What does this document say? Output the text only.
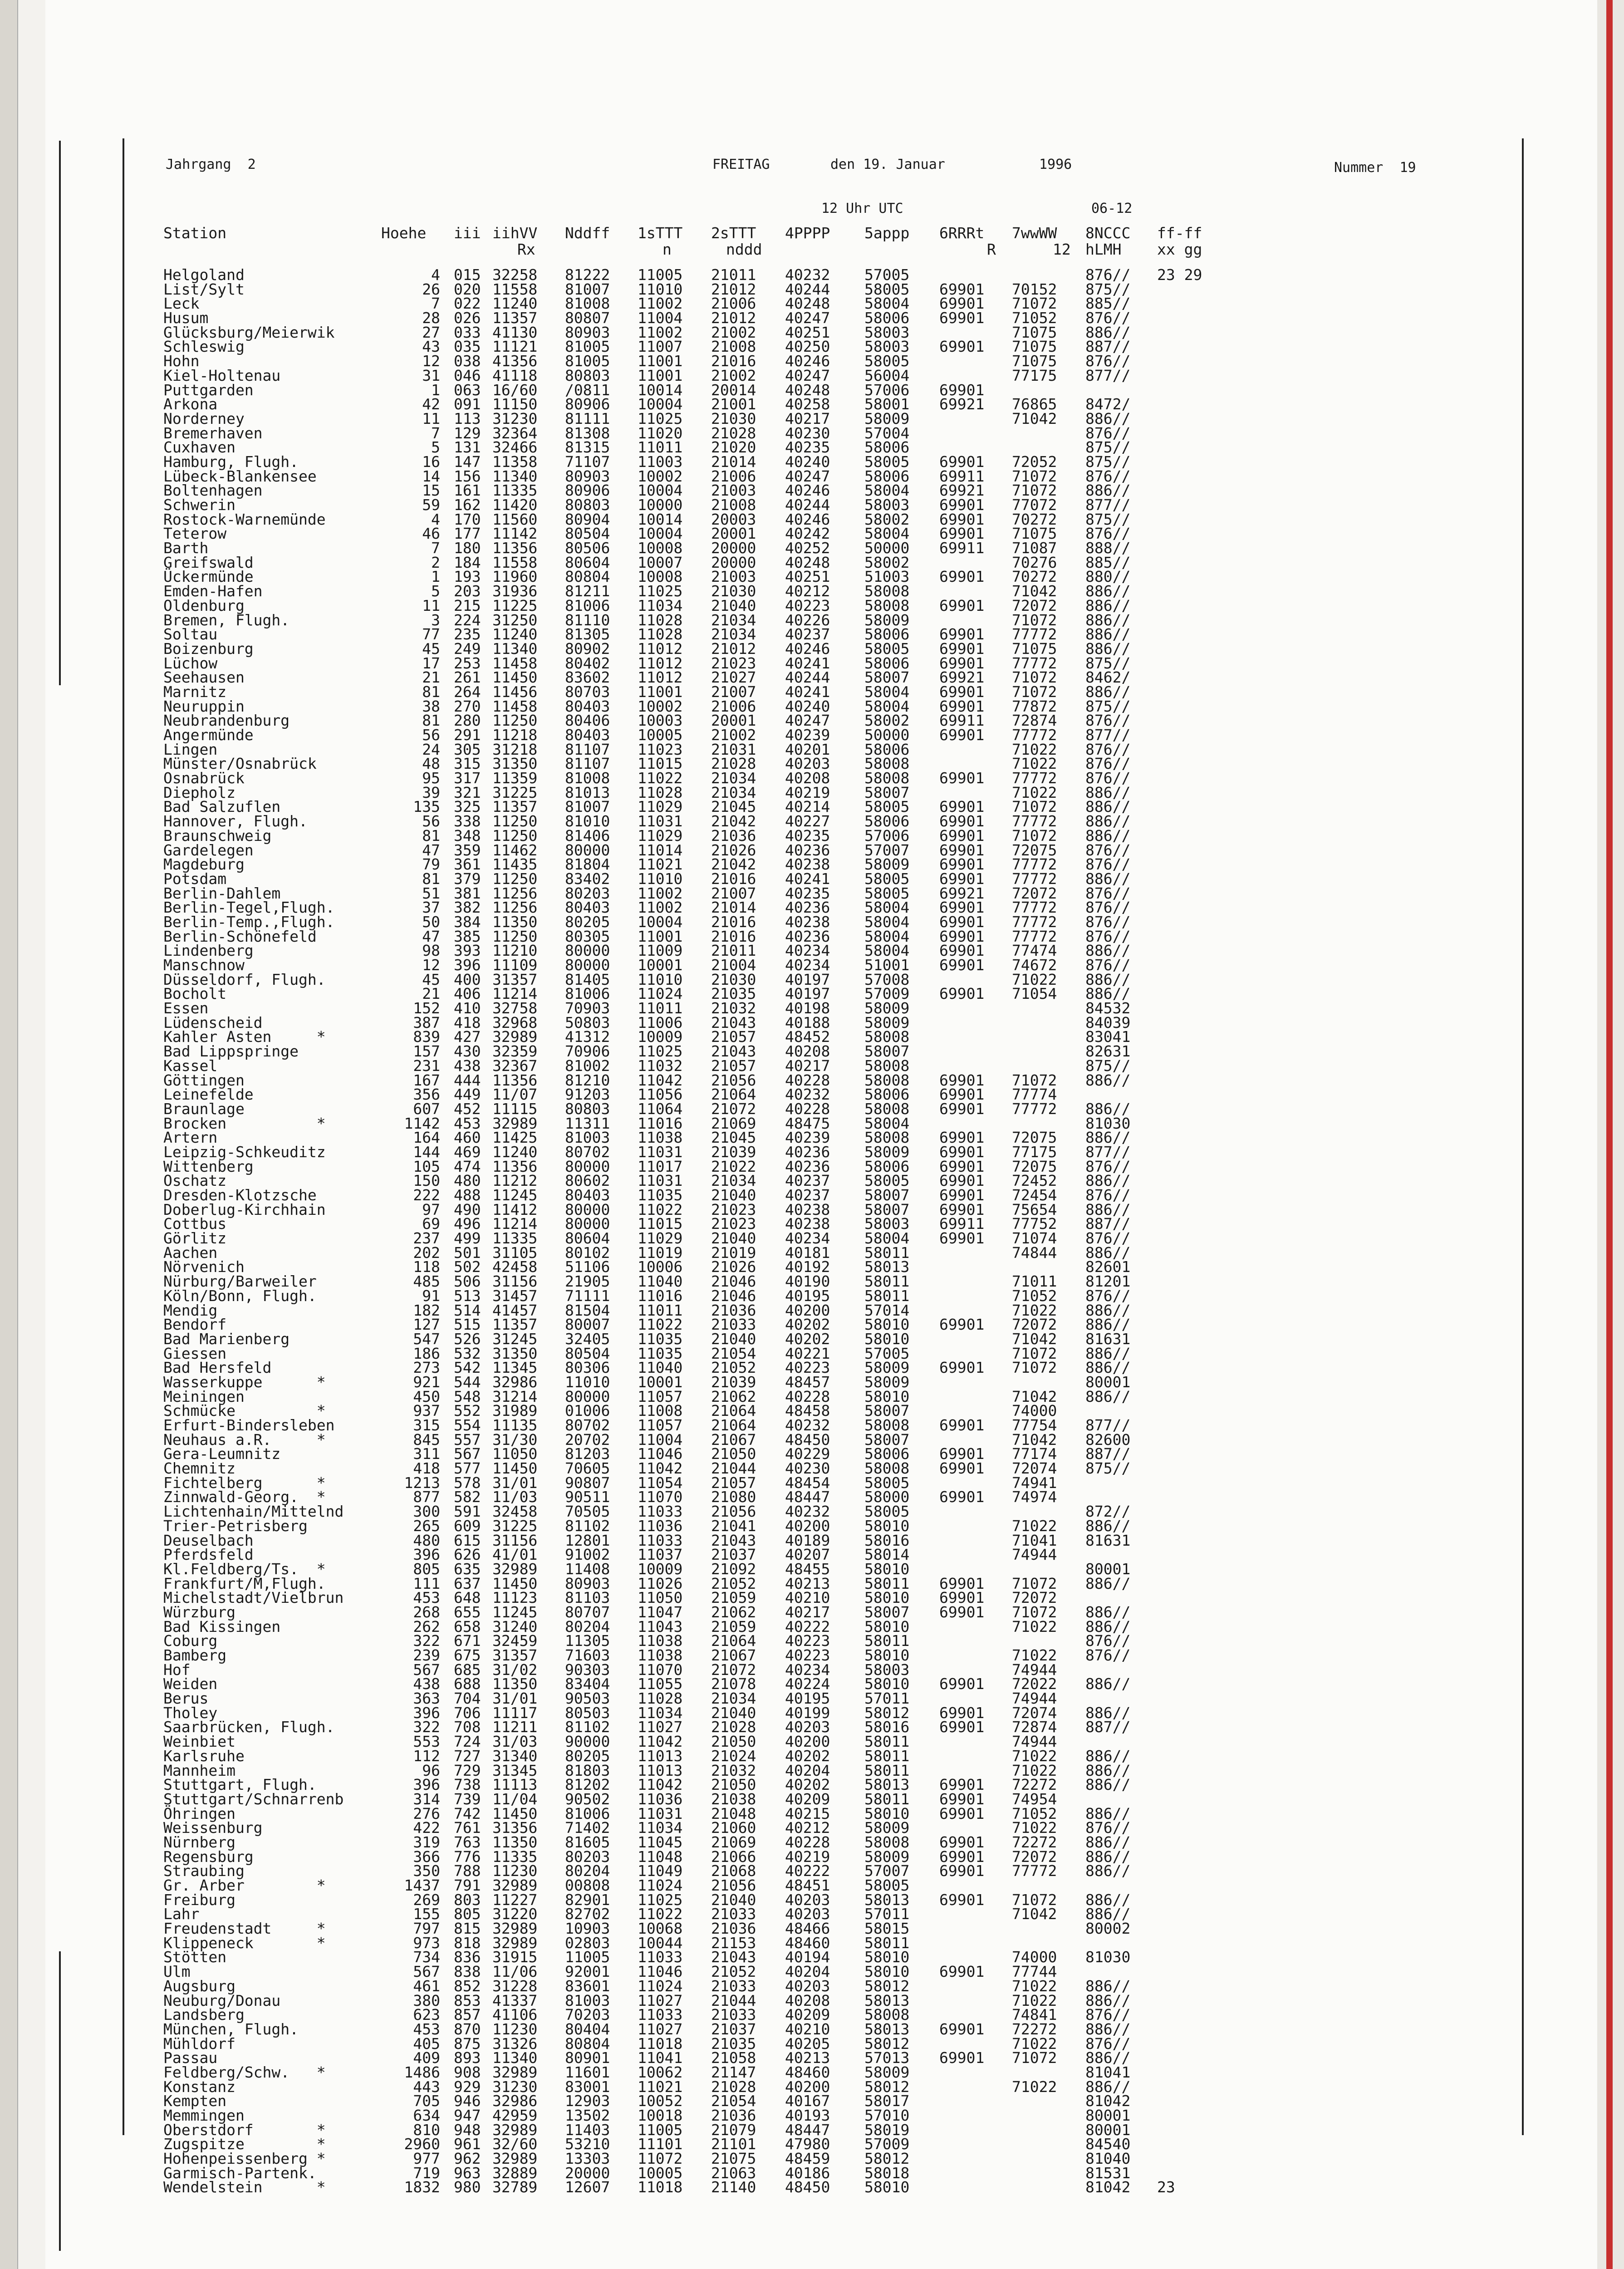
Jahrgang  2	FREITAG	den 19. Januar	1996	Nummer  19
12 Uhr UTC	06-12
Station	Hoehe iii iihVV Nddff 1sTTT 2sTTT 4PPPP 5appp 6RRRt 7wwWW 8NCCC ff-ff
Rx	n	nddd	R	12 hLMH xx gg
Helgoland	4 015 32258 81222 11005 21011 40232 57005	876// 23 29
List/Sylt	26 020 11558 81007 11010 21012 40244 58005 69901 70152 875//
Leck	7 022 11240 81008 11002 21006 40248 58004 69901 71072 885//
Husum	28 026 11357 80807 11004 21012 40247 58006 69901 71052 876//
Glücksburg/Meierwik	27 033 41130 80903 11002 21002 40251 58003	71075 886//
Schleswig	43 035 11121 81005 11007 21008 40250 58003 69901 71075 887//
Hohn	12 038 41356 81005 11001 21016 40246 58005	71075 876//
Kiel-Holtenau	31 046 41118 80803 11001 21002 40247 56004	77175 877//
Puttgarden	1 063 16/60 /0811 10014 20014 40248 57006 69901
Arkona	42 091 11150 80906 10004 21001 40258 58001 69921 76865 8472/
Norderney	11 113 31230 81111 11025 21030 40217 58009	71042 886//
Bremerhaven	7 129 32364 81308 11020 21028 40230 57004	876//
Cuxhaven	5 131 32466 81315 11011 21020 40235 58006	875//
Hamburg, Flugh.	16 147 11358 71107 11003 21014 40240 58005 69901 72052 875//
Lübeck-Blankensee	14 156 11340 80903 10002 21006 40247 58006 69911 71072 876//
Boltenhagen	15 161 11335 80906 10004 21003 40246 58004 69921 71072 886//
Schwerin	59 162 11420 80803 10000 21008 40244 58003 69901 77072 877//
Rostock-Warnemünde	4 170 11560 80904 10014 20003 40246 58002 69901 70272 875//
Teterow	46 177 11142 80504 10004 20001 40242 58004 69901 71075 876//
Barth	7 180 11356 80506 10008 20000 40252 50000 69911 71087 888//
Greifswald	2 184 11558 80604 10007 20000 40248 58002	70276 885//
Ückermünde	1 193 11960 80804 10008 21003 40251 51003 69901 70272 880//
Emden-Hafen	5 203 31936 81211 11025 21030 40212 58008	71042 886//
Oldenburg	11 215 11225 81006 11034 21040 40223 58008 69901 72072 886//
Bremen, Flugh.	3 224 31250 81110 11028 21034 40226 58009	71072 886//
Soltau	77 235 11240 81305 11028 21034 40237 58006 69901 77772 886//
Boizenburg	45 249 11340 80902 11012 21012 40246 58005 69901 71075 886//
Lüchow	17 253 11458 80402 11012 21023 40241 58006 69901 77772 875//
Seehausen	21 261 11450 83602 11012 21027 40244 58007 69921 71072 8462/
Marnitz	81 264 11456 80703 11001 21007 40241 58004 69901 71072 886//
Neuruppin	38 270 11458 80403 10002 21006 40240 58004 69901 77872 875//
Neubrandenburg	81 280 11250 80406 10003 20001 40247 58002 69911 72874 876//
Angermünde	56 291 11218 80403 10005 21002 40239 50000 69901 77772 877//
Lingen	24 305 31218 81107 11023 21031 40201 58006	71022 876//
Münster/Osnabrück	48 315 31350 81107 11015 21028 40203 58008	71022 876//
Osnabrück	95 317 11359 81008 11022 21034 40208 58008 69901 77772 876//
Diepholz	39 321 31225 81013 11028 21034 40219 58007	71022 886//
Bad Salzuflen	135 325 11357 81007 11029 21045 40214 58005 69901 71072 886//
Hannover, Flugh.	56 338 11250 81010 11031 21042 40227 58006 69901 77772 886//
Braunschweig	81 348 11250 81406 11029 21036 40235 57006 69901 71072 886//
Gardelegen	47 359 11462 80000 11014 21026 40236 57007 69901 72075 876//
Magdeburg	79 361 11435 81804 11021 21042 40238 58009 69901 77772 876//
Potsdam	81 379 11250 83402 11010 21016 40241 58005 69901 77772 886//
Berlin-Dahlem	51 381 11256 80203 11002 21007 40235 58005 69921 72072 876//
Berlin-Tegel,Flugh.	37 382 11256 80403 11002 21014 40236 58004 69901 77772 876//
Berlin-Temp.,Flugh.	50 384 11350 80205 10004 21016 40238 58004 69901 77772 876//
Berlin-Schönefeld	47 385 11250 80305 11001 21016 40236 58004 69901 77772 876//
Lindenberg	98 393 11210 80000 11009 21011 40234 58004 69901 77474 886//
Manschnow	12 396 11109 80000 10001 21004 40234 51001 69901 74672 876//
Düsseldorf, Flugh.	45 400 31357 81405 11010 21030 40197 57008	71022 886//
Bocholt	21 406 11214 81006 11024 21035 40197 57009 69901 71054 886//
Essen	152 410 32758 70903 11011 21032 40198 58009	84532
Lüdenscheid	387 418 32968 50803 11006 21043 40188 58009	84039
Kahler Asten     *	839 427 32989 41312 10009 21057 48452 58008	83041
Bad Lippspringe	157 430 32359 70906 11025 21043 40208 58007	82631
Kassel	231 438 32367 81002 11032 21057 40217 58008	875//
Göttingen	167 444 11356 81210 11042 21056 40228 58008 69901 71072 886//
Leinefelde	356 449 11/07 91203 11056 21064 40232 58006 69901 77774
Braunlage	607 452 11115 80803 11064 21072 40228 58008 69901 77772 886//
Brocken          *	1142 453 32989 11311 11016 21069 48475 58004	81030
Artern	164 460 11425 81003 11038 21045 40239 58008 69901 72075 886//
Leipzig-Schkeuditz	144 469 11240 80702 11031 21039 40236 58009 69901 77175 877//
Wittenberg	105 474 11356 80000 11017 21022 40236 58006 69901 72075 876//
Oschatz	150 480 11212 80602 11031 21034 40237 58005 69901 72452 886//
Dresden-Klotzsche	222 488 11245 80403 11035 21040 40237 58007 69901 72454 876//
Doberlug-Kirchhain	97 490 11412 80000 11022 21023 40238 58007 69901 75654 886//
Cottbus	69 496 11214 80000 11015 21023 40238 58003 69911 77752 887//
Görlitz	237 499 11335 80604 11029 21040 40234 58004 69901 71074 876//
Aachen	202 501 31105 80102 11019 21019 40181 58011	74844 886//
Nörvenich	118 502 42458 51106 10006 21026 40192 58013	82601
Nürburg/Barweiler	485 506 31156 21905 11040 21046 40190 58011	71011 81201
Köln/Bonn, Flugh.	91 513 31457 71111 11016 21046 40195 58011	71052 876//
Mendig	182 514 41457 81504 11011 21036 40200 57014	71022 886//
Bendorf	127 515 11357 80007 11022 21033 40202 58010 69901 72072 886//
Bad Marienberg	547 526 31245 32405 11035 21040 40202 58010	71042 81631
Giessen	186 532 31350 80504 11035 21054 40221 57005	71072 886//
Bad Hersfeld	273 542 11345 80306 11040 21052 40223 58009 69901 71072 886//
Wasserkuppe      *	921 544 32986 11010 10001 21039 48457 58009	80001
Meiningen	450 548 31214 80000 11057 21062 40228 58010	71042 886//
Schmücke         *	937 552 31989 01006 11008 21064 48458 58007	74000
Erfurt-Bindersleben	315 554 11135 80702 11057 21064 40232 58008 69901 77754 877//
Neuhaus a.R.     *	845 557 31/30 20702 11004 21067 48450 58007	71042 82600
Gera-Leumnitz	311 567 11050 81203 11046 21050 40229 58006 69901 77174 887//
Chemnitz	418 577 11450 70605 11042 21044 40230 58008 69901 72074 875//
Fichtelberg      *	1213 578 31/01 90807 11054 21057 48454 58005	74941
Zinnwald-Georg.  *	877 582 11/03 90511 11070 21080 48447 58000 69901 74974
Lichtenhain/Mittelnd	300 591 32458 70505 11033 21056 40232 58005	872//
Trier-Petrisberg	265 609 31225 81102 11036 21041 40200 58010	71022 886//
Deuselbach	480 615 31156 12801 11033 21043 40189 58016	71041 81631
Pferdsfeld	396 626 41/01 91002 11037 21037 40207 58014	74944
Kl.Feldberg/Ts.  *	805 635 32989 11408 10009 21092 48455 58010	80001
Frankfurt/M,Flugh.	111 637 11450 80903 11026 21052 40213 58011 69901 71072 886//
Michelstadt/Vielbrun	453 648 11123 81103 11050 21059 40210 58010 69901 72072
Würzburg	268 655 11245 80707 11047 21062 40217 58007 69901 71072 886//
Bad Kissingen	262 658 31240 80204 11043 21059 40222 58010	71022 886//
Coburg	322 671 32459 11305 11038 21064 40223 58011	876//
Bamberg	239 675 31357 71603 11038 21067 40223 58010	71022 876//
Hof	567 685 31/02 90303 11070 21072 40234 58003	74944
Weiden	438 688 11350 83404 11055 21078 40224 58010 69901 72022 886//
Berus	363 704 31/01 90503 11028 21034 40195 57011	74944
Tholey	396 706 11117 80503 11034 21040 40199 58012 69901 72074 886//
Saarbrücken, Flugh.	322 708 11211 81102 11027 21028 40203 58016 69901 72874 887//
Weinbiet	553 724 31/03 90000 11042 21050 40200 58011	74944
Karlsruhe	112 727 31340 80205 11013 21024 40202 58011	71022 886//
Mannheim	96 729 31345 81803 11013 21032 40204 58011	71022 886//
Stuttgart, Flugh.	396 738 11113 81202 11042 21050 40202 58013 69901 72272 886//
Stuttgart/Schnarrenb	314 739 11/04 90502 11036 21038 40209 58011 69901 74954
Öhringen	276 742 11450 81006 11031 21048 40215 58010 69901 71052 886//
Weissenburg	422 761 31356 71402 11034 21060 40212 58009	71022 876//
Nürnberg	319 763 11350 81605 11045 21069 40228 58008 69901 72272 886//
Regensburg	366 776 11335 80203 11048 21066 40219 58009 69901 72072 886//
Straubing	350 788 11230 80204 11049 21068 40222 57007 69901 77772 886//
Gr. Arber        *	1437 791 32989 00808 11024 21056 48451 58005
Freiburg	269 803 11227 82901 11025 21040 40203 58013 69901 71072 886//
Lahr	155 805 31220 82702 11022 21033 40203 57011	71042 886//
Freudenstadt     *	797 815 32989 10903 10068 21036 48466 58015	80002
Klippeneck       *	973 818 32989 02803 10044 21153 48460 58011
Stötten	734 836 31915 11005 11033 21043 40194 58010	74000 81030
Ulm	567 838 11/06 92001 11046 21052 40204 58010 69901 77744
Augsburg	461 852 31228 83601 11024 21033 40203 58012	71022 886//
Neuburg/Donau	380 853 41337 81003 11027 21044 40208 58013	71022 886//
Landsberg	623 857 41106 70203 11033 21033 40209 58008	74841 876//
München, Flugh.	453 870 11230 80404 11027 21037 40210 58013 69901 72272 886//
Mühldorf	405 875 31326 80804 11018 21035 40205 58012	71022 876//
Passau	409 893 11340 80901 11041 21058 40213 57013 69901 71072 886//
Feldberg/Schw.   *	1486 908 32989 11601 10062 21147 48460 58009	81041
Konstanz	443 929 31230 83001 11021 21028 40200 58012	71022 886//
Kempten	705 946 32986 12903 10052 21054 40167 58017	81042
Memmingen	634 947 42959 13502 10018 21036 40193 57010	80001
Oberstdorf       *	810 948 32989 11403 11005 21079 48447 58019	80001
Zugspitze        *	2960 961 32/60 53210 11101 21101 47980 57009	84540
Hohenpeissenberg *	977 962 32989 13303 11072 21075 48459 58012	81040
Garmisch-Partenk.	719 963 32889 20000 10005 21063 40186 58018	81531
Wendelstein      *	1832 980 32789 12607 11018 21140 48450 58010	81042 23
